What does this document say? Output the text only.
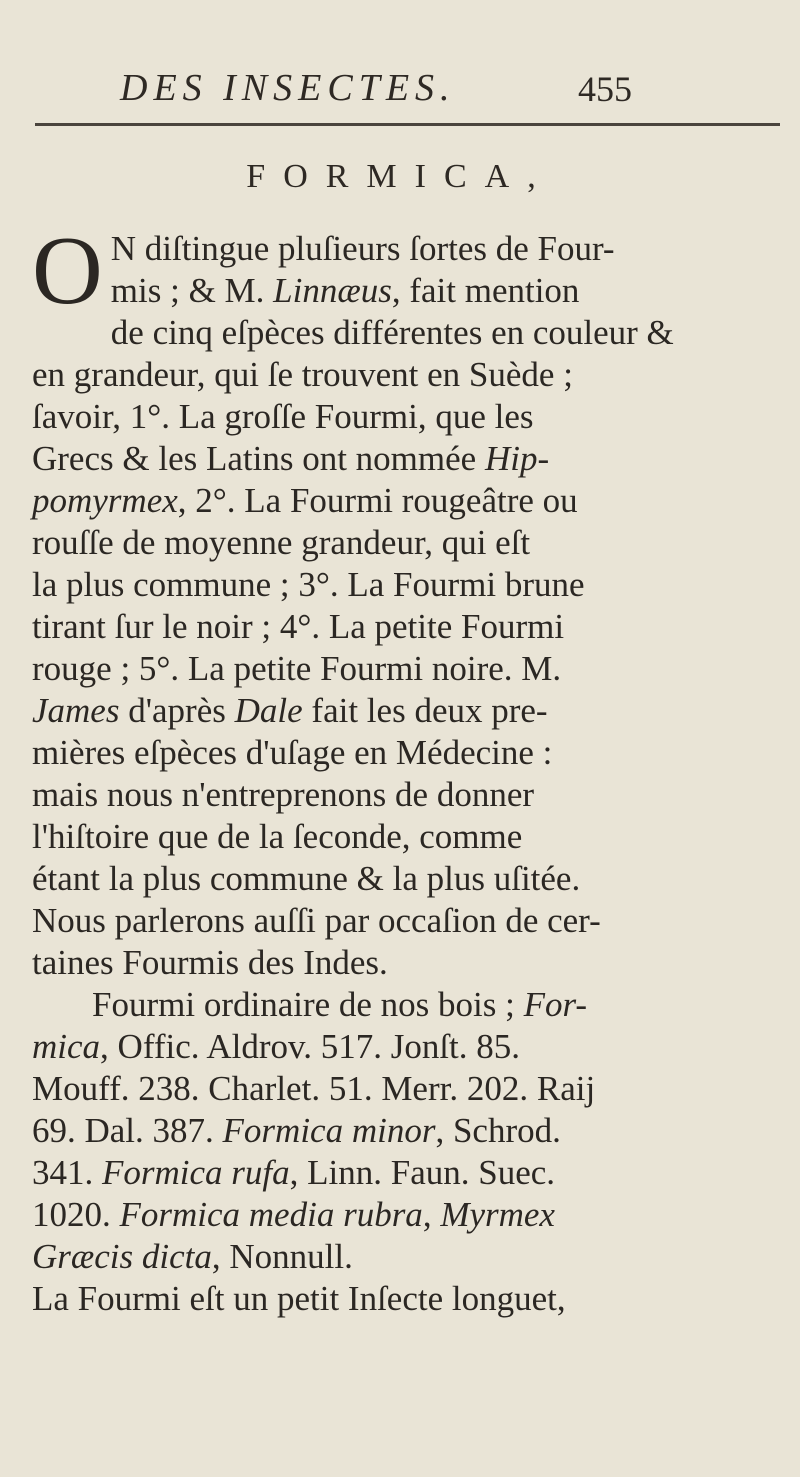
DES INSECTES.	455
FORMICA,
O N diſtingue pluſieurs ſortes de Four-
mis ; & M. Linnæus, fait mention
de cinq eſpèces différentes en couleur &
en grandeur, qui ſe trouvent en Suède ;
ſavoir, 1°. La groſſe Fourmi, que les
Grecs & les Latins ont nommée Hip-
pomyrmex, 2°. La Fourmi rougeâtre ou
rouſſe de moyenne grandeur, qui eſt
la plus commune ; 3°. La Fourmi brune
tirant ſur le noir ; 4°. La petite Fourmi
rouge ; 5°. La petite Fourmi noire. M.
James d'après Dale fait les deux pre-
mières eſpèces d'uſage en Médecine :
mais nous n'entreprenons de donner
l'hiſtoire que de la ſeconde, comme
étant la plus commune & la plus uſitée.
Nous parlerons auſſi par occaſion de cer-
taines Fourmis des Indes.
Fourmi ordinaire de nos bois ; For-
mica, Offic. Aldrov. 517. Jonſt. 85.
Mouff. 238. Charlet. 51. Merr. 202. Raij
69. Dal. 387. Formica minor, Schrod.
341. Formica rufa, Linn. Faun. Suec.
1020. Formica media rubra, Myrmex
Græcis dicta, Nonnull.
La Fourmi eſt un petit Inſecte longuet,
